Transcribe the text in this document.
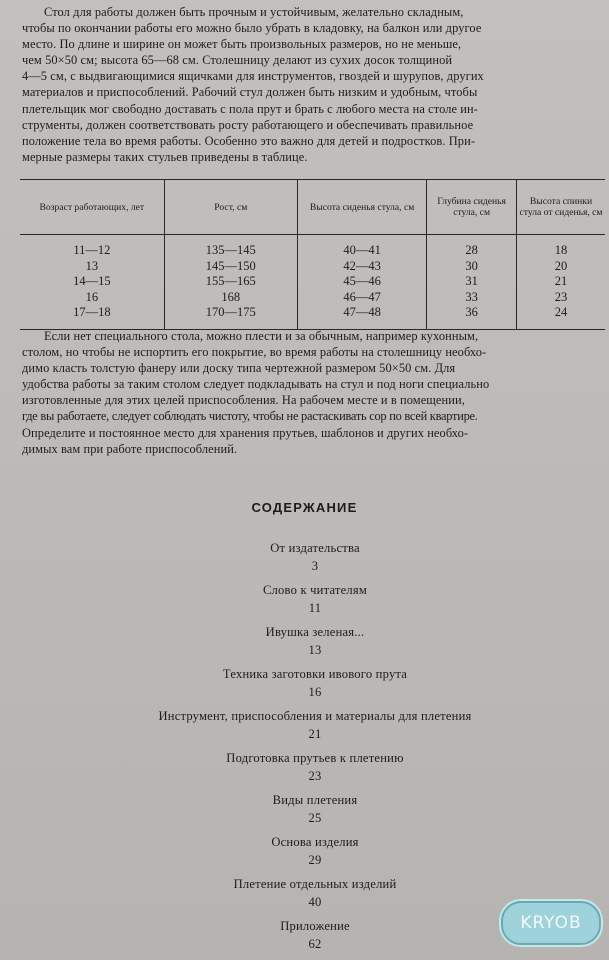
Стол для работы должен быть прочным и устойчивым, желательно складным,
чтобы по окончании работы его можно было убрать в кладовку, на балкон или другое
место. По длине и ширине он может быть произвольных размеров, но не меньше,
чем 50×50 см; высота 65—68 см. Столешницу делают из сухих досок толщиной
4—5 см, с выдвигающимися ящичками для инструментов, гвоздей и шурупов, других
материалов и приспособлений. Рабочий стул должен быть низким и удобным, чтобы
плетельщик мог свободно доставать с пола прут и брать с любого места на столе ин-
струменты, должен соответствовать росту работающего и обеспечивать правильное
положение тела во время работы. Особенно это важно для детей и подростков. При-
мерные размеры таких стульев приведены в таблице.
Возраст работающих, лет	Рост, см	Высота сиденья стула, см	Глубина сиденья стула, см	Высота спинки стула от сиденья, см
11—12	135—145	40—41	28	18
13	145—150	42—43	30	20
14—15	155—165	45—46	31	21
16	168	46—47	33	23
17—18	170—175	47—48	36	24
Если нет специального стола, можно плести и за обычным, например кухонным,
столом, но чтобы не испортить его покрытие, во время работы на столешницу необхо-
димо класть толстую фанеру или доску типа чертежной размером 50×50 см. Для
удобства работы за таким столом следует подкладывать на стул и под ноги специально
изготовленные для этих целей приспособления. На рабочем месте и в помещении,
где вы работаете, следует соблюдать чистоту, чтобы не растаскивать сор по всей квартире.
Определите и постоянное место для хранения прутьев, шаблонов и других необхо-
димых вам при работе приспособлений.
СОДЕРЖАНИЕ
От издательства
3
Слово к читателям
11
Ивушка зеленая...
13
Техника заготовки ивового прута
16
Инструмент, приспособления и материалы для плетения
21
Подготовка прутьев к плетению
23
Виды плетения
25
Основа изделия
29
Плетение отдельных изделий
40
Приложение
62
KRYOB
